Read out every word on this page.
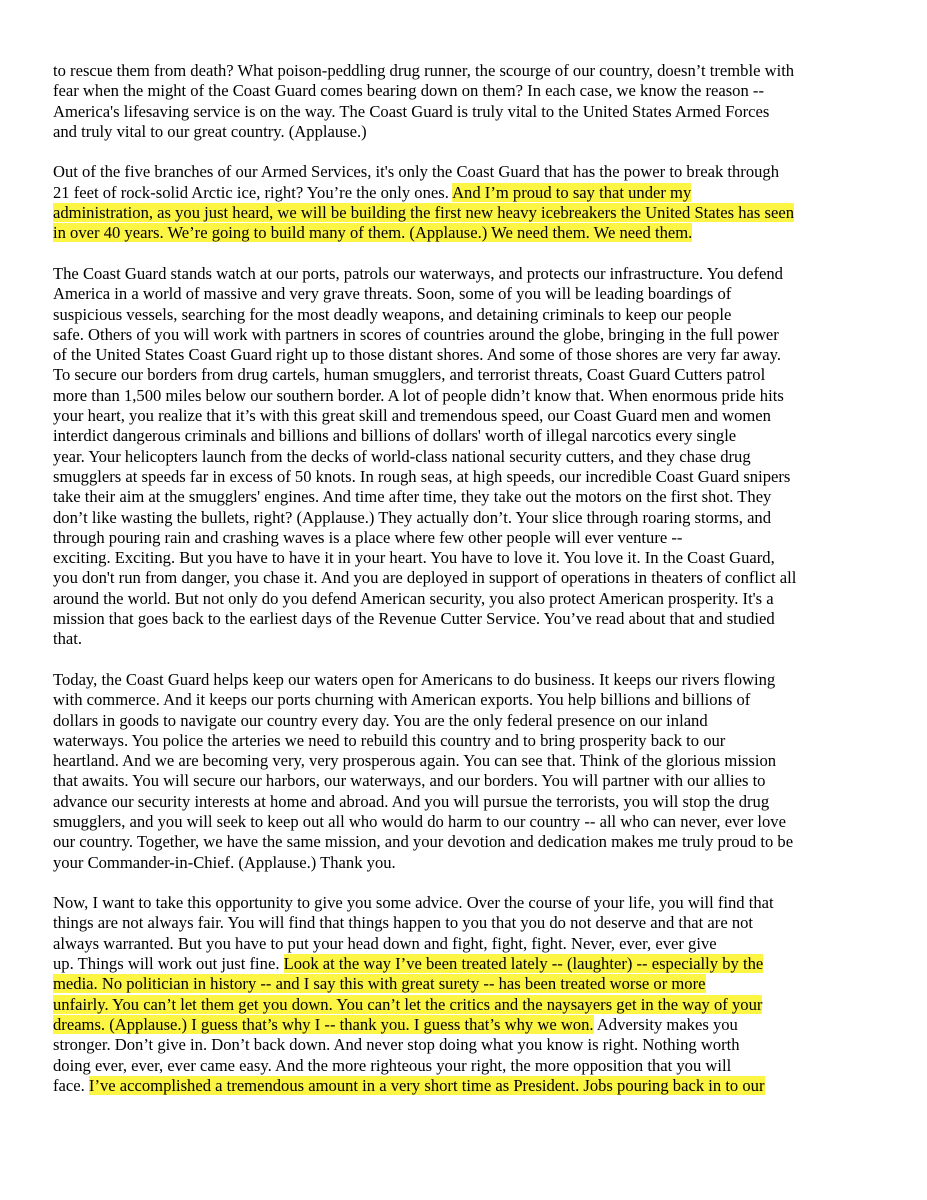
to rescue them from death? What poison-peddling drug runner, the scourge of our country, doesn’t tremble with
fear when the might of the Coast Guard comes bearing down on them? In each case, we know the reason --
America's lifesaving service is on the way. The Coast Guard is truly vital to the United States Armed Forces
and truly vital to our great country. (Applause.)
Out of the five branches of our Armed Services, it's only the Coast Guard that has the power to break through
21 feet of rock-solid Arctic ice, right? You’re the only ones. And I’m proud to say that under my
administration, as you just heard, we will be building the first new heavy icebreakers the United States has seen
in over 40 years. We’re going to build many of them. (Applause.) We need them. We need them.
The Coast Guard stands watch at our ports, patrols our waterways, and protects our infrastructure. You defend
America in a world of massive and very grave threats. Soon, some of you will be leading boardings of
suspicious vessels, searching for the most deadly weapons, and detaining criminals to keep our people
safe. Others of you will work with partners in scores of countries around the globe, bringing in the full power
of the United States Coast Guard right up to those distant shores. And some of those shores are very far away.
To secure our borders from drug cartels, human smugglers, and terrorist threats, Coast Guard Cutters patrol
more than 1,500 miles below our southern border. A lot of people didn’t know that. When enormous pride hits
your heart, you realize that it’s with this great skill and tremendous speed, our Coast Guard men and women
interdict dangerous criminals and billions and billions of dollars' worth of illegal narcotics every single
year. Your helicopters launch from the decks of world-class national security cutters, and they chase drug
smugglers at speeds far in excess of 50 knots. In rough seas, at high speeds, our incredible Coast Guard snipers
take their aim at the smugglers' engines. And time after time, they take out the motors on the first shot. They
don’t like wasting the bullets, right? (Applause.) They actually don’t. Your slice through roaring storms, and
through pouring rain and crashing waves is a place where few other people will ever venture --
exciting. Exciting. But you have to have it in your heart. You have to love it. You love it. In the Coast Guard,
you don't run from danger, you chase it. And you are deployed in support of operations in theaters of conflict all
around the world. But not only do you defend American security, you also protect American prosperity. It's a
mission that goes back to the earliest days of the Revenue Cutter Service. You’ve read about that and studied
that.
Today, the Coast Guard helps keep our waters open for Americans to do business. It keeps our rivers flowing
with commerce. And it keeps our ports churning with American exports. You help billions and billions of
dollars in goods to navigate our country every day. You are the only federal presence on our inland
waterways. You police the arteries we need to rebuild this country and to bring prosperity back to our
heartland. And we are becoming very, very prosperous again. You can see that. Think of the glorious mission
that awaits. You will secure our harbors, our waterways, and our borders. You will partner with our allies to
advance our security interests at home and abroad. And you will pursue the terrorists, you will stop the drug
smugglers, and you will seek to keep out all who would do harm to our country -- all who can never, ever love
our country. Together, we have the same mission, and your devotion and dedication makes me truly proud to be
your Commander-in-Chief. (Applause.) Thank you.
Now, I want to take this opportunity to give you some advice. Over the course of your life, you will find that
things are not always fair. You will find that things happen to you that you do not deserve and that are not
always warranted. But you have to put your head down and fight, fight, fight. Never, ever, ever give
up. Things will work out just fine. Look at the way I’ve been treated lately -- (laughter) -- especially by the
media. No politician in history -- and I say this with great surety -- has been treated worse or more
unfairly. You can’t let them get you down. You can’t let the critics and the naysayers get in the way of your
dreams. (Applause.) I guess that’s why I -- thank you. I guess that’s why we won. Adversity makes you
stronger. Don’t give in. Don’t back down. And never stop doing what you know is right. Nothing worth
doing ever, ever, ever came easy. And the more righteous your right, the more opposition that you will
face. I’ve accomplished a tremendous amount in a very short time as President. Jobs pouring back in to our
